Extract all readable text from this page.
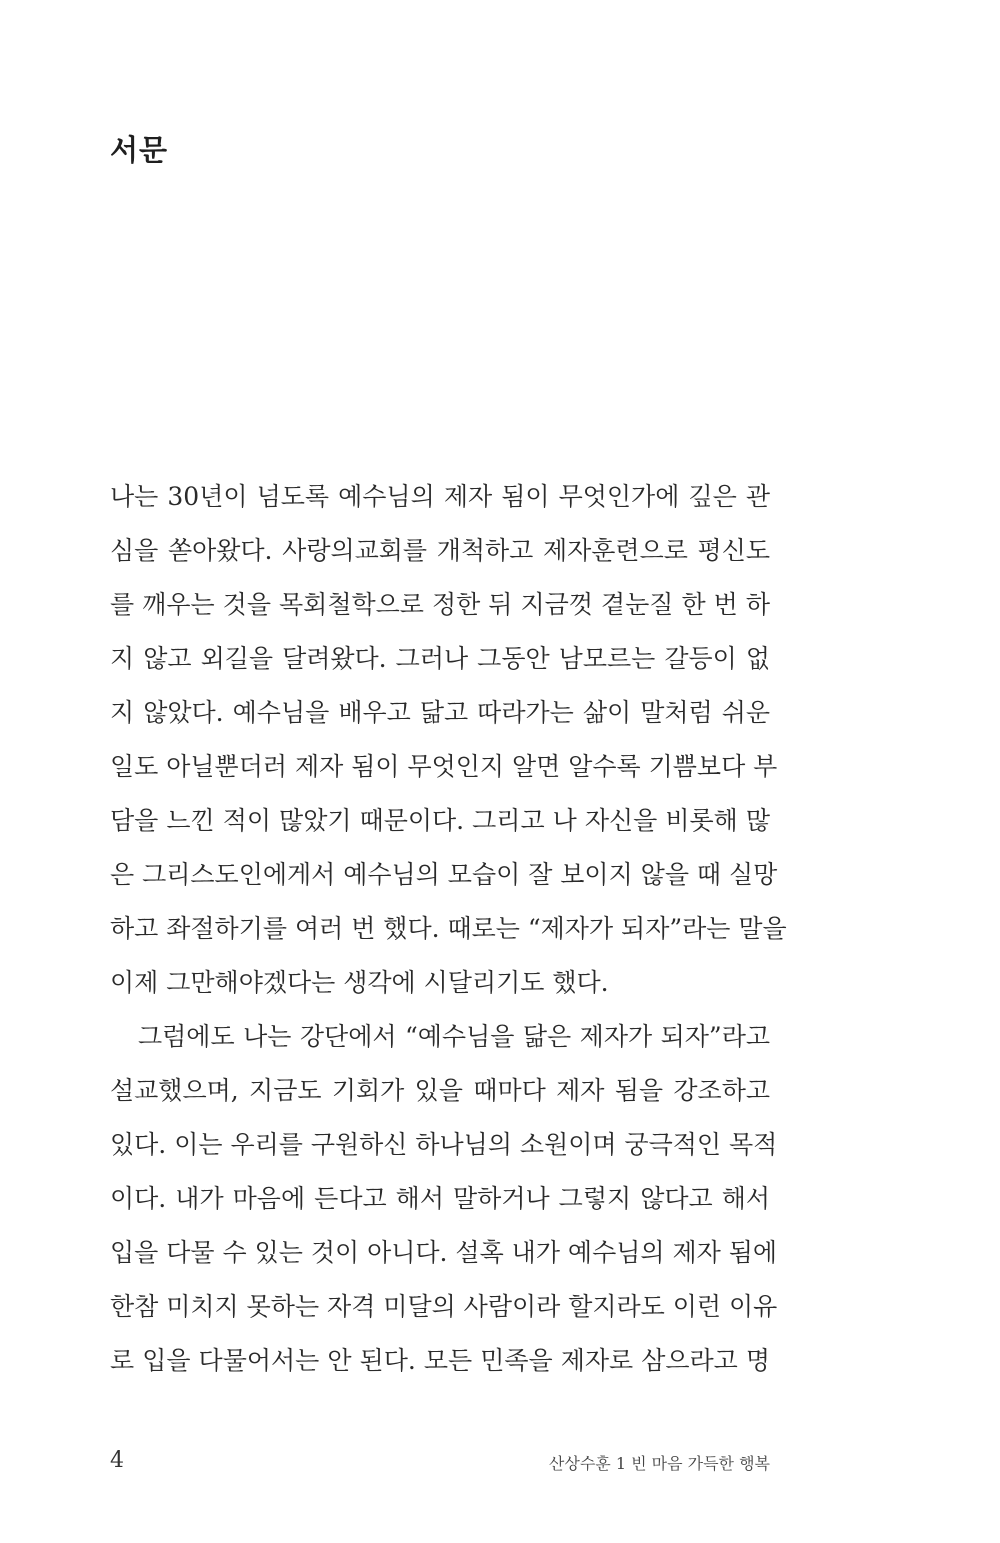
서문
나는 30년이 넘도록 예수님의 제자 됨이 무엇인가에 깊은 관
심을 쏟아왔다. 사랑의교회를 개척하고 제자훈련으로 평신도
를 깨우는 것을 목회철학으로 정한 뒤 지금껏 곁눈질 한 번 하
지 않고 외길을 달려왔다. 그러나 그동안 남모르는 갈등이 없
지 않았다. 예수님을 배우고 닮고 따라가는 삶이 말처럼 쉬운
일도 아닐뿐더러 제자 됨이 무엇인지 알면 알수록 기쁨보다 부
담을 느낀 적이 많았기 때문이다. 그리고 나 자신을 비롯해 많
은 그리스도인에게서 예수님의 모습이 잘 보이지 않을 때 실망
하고 좌절하기를 여러 번 했다. 때로는 “제자가 되자”라는 말을
이제 그만해야겠다는 생각에 시달리기도 했다.
그럼에도 나는 강단에서 “예수님을 닮은 제자가 되자”라고
설교했으며, 지금도 기회가 있을 때마다 제자 됨을 강조하고
있다. 이는 우리를 구원하신 하나님의 소원이며 궁극적인 목적
이다. 내가 마음에 든다고 해서 말하거나 그렇지 않다고 해서
입을 다물 수 있는 것이 아니다. 설혹 내가 예수님의 제자 됨에
한참 미치지 못하는 자격 미달의 사람이라 할지라도 이런 이유
로 입을 다물어서는 안 된다. 모든 민족을 제자로 삼으라고 명
4	산상수훈 1 빈 마음 가득한 행복
